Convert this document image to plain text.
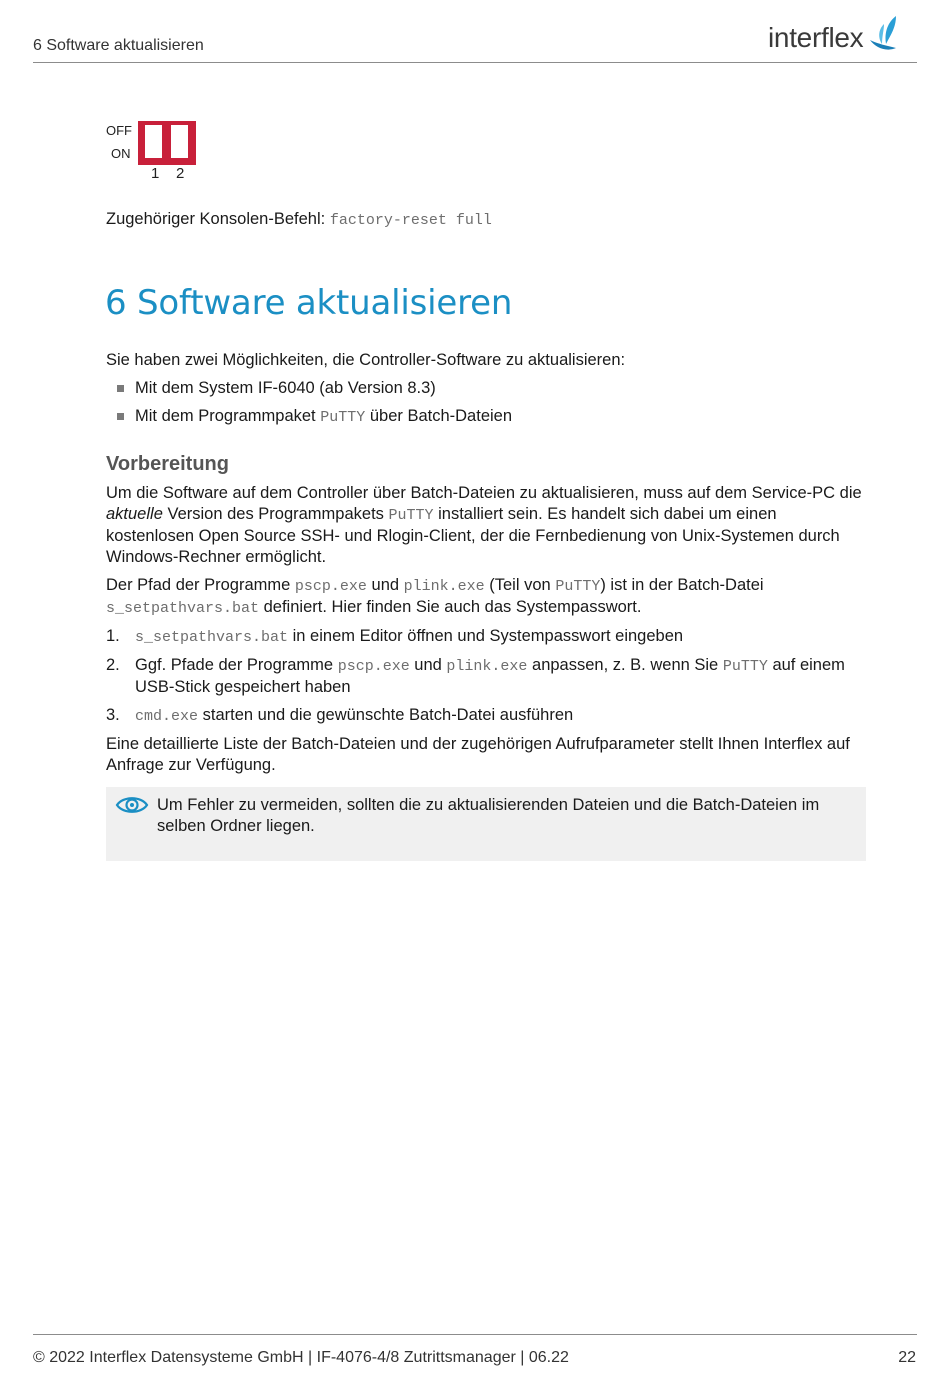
6 Software aktualisieren	interflex
OFF
ON
1 2
Zugehöriger Konsolen-Befehl: factory-reset full
6 Software aktualisieren

Sie haben zwei Möglichkeiten, die Controller-Software zu aktualisieren:

Mit dem System IF-6040 (ab Version 8.3)
Mit dem Programmpaket PuTTY über Batch-Dateien
Vorbereitung

Um die Software auf dem Controller über Batch-Dateien zu aktualisieren, muss auf dem Service-PC die aktuelle Version des Programmpakets PuTTY installiert sein. Es handelt sich dabei um einen kostenlosen Open Source SSH- und Rlogin-Client, der die Fernbedienung von Unix-Systemen durch Windows-Rechner ermöglicht.

Der Pfad der Programme pscp.exe und plink.exe (Teil von PuTTY) ist in der Batch-Datei s_setpathvars.bat definiert. Hier finden Sie auch das Systempasswort.

1. s_setpathvars.bat in einem Editor öffnen und Systempasswort eingeben
2. Ggf. Pfade der Programme pscp.exe und plink.exe anpassen, z. B. wenn Sie PuTTY auf einem USB-Stick gespeichert haben
3. cmd.exe starten und die gewünschte Batch-Datei ausführen

Eine detaillierte Liste der Batch-Dateien und der zugehörigen Aufrufparameter stellt Ihnen Interflex auf Anfrage zur Verfügung.

Um Fehler zu vermeiden, sollten die zu aktualisierenden Dateien und die Batch-Dateien im selben Ordner liegen.
© 2022 Interflex Datensysteme GmbH | IF-4076-4/8 Zutrittsmanager | 06.22	22
